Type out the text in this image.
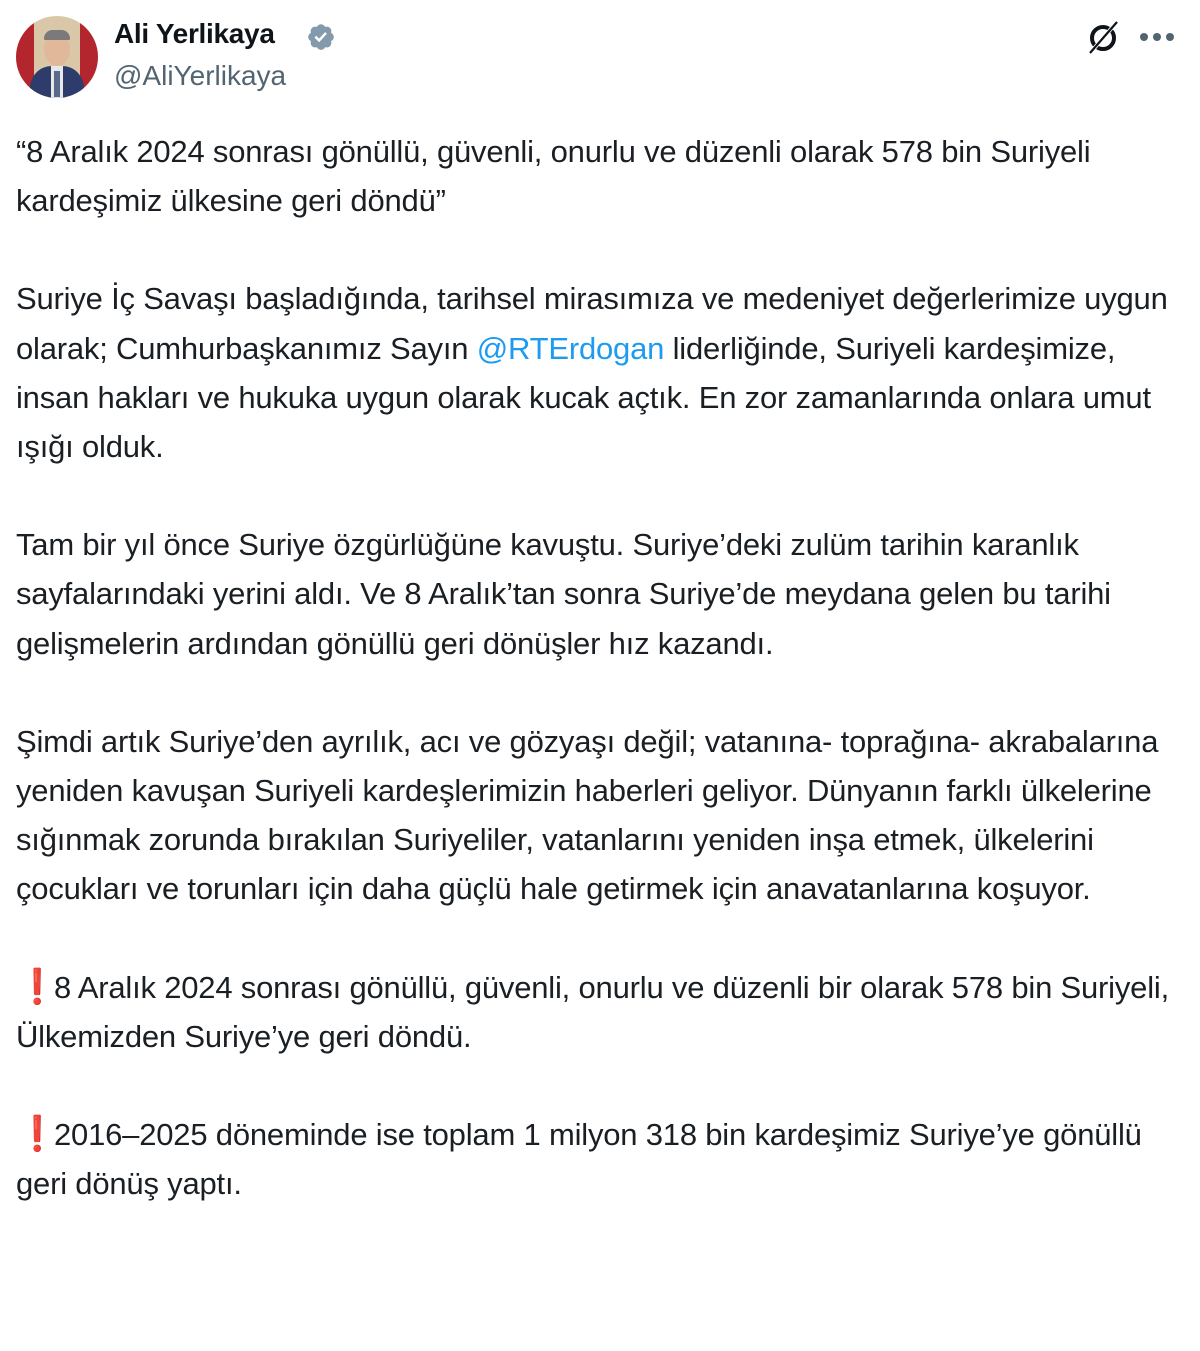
Ali Yerlikaya
@AliYerlikaya

“8 Aralık 2024 sonrası gönüllü, güvenli, onurlu ve düzenli olarak 578 bin Suriyeli kardeşimiz ülkesine geri döndü”

Suriye İç Savaşı başladığında, tarihsel mirasımıza ve medeniyet değerlerimize uygun olarak; Cumhurbaşkanımız Sayın @RTErdogan liderliğinde, Suriyeli kardeşimize, insan hakları ve hukuka uygun olarak kucak açtık. En zor zamanlarında onlara umut ışığı olduk.

Tam bir yıl önce Suriye özgürlüğüne kavuştu. Suriye’deki zulüm tarihin karanlık sayfalarındaki yerini aldı. Ve 8 Aralık’tan sonra Suriye’de meydana gelen bu tarihi gelişmelerin ardından gönüllü geri dönüşler hız kazandı.

Şimdi artık Suriye’den ayrılık, acı ve gözyaşı değil; vatanına- toprağına- akrabalarına yeniden kavuşan Suriyeli kardeşlerimizin haberleri geliyor. Dünyanın farklı ülkelerine sığınmak zorunda bırakılan Suriyeliler, vatanlarını yeniden inşa etmek, ülkelerini çocukları ve torunları için daha güçlü hale getirmek için anavatanlarına koşuyor.

❗8 Aralık 2024 sonrası gönüllü, güvenli, onurlu ve düzenli bir olarak 578 bin Suriyeli, Ülkemizden Suriye’ye geri döndü.

❗2016–2025 döneminde ise toplam 1 milyon 318 bin kardeşimiz Suriye’ye gönüllü geri dönüş yaptı.
